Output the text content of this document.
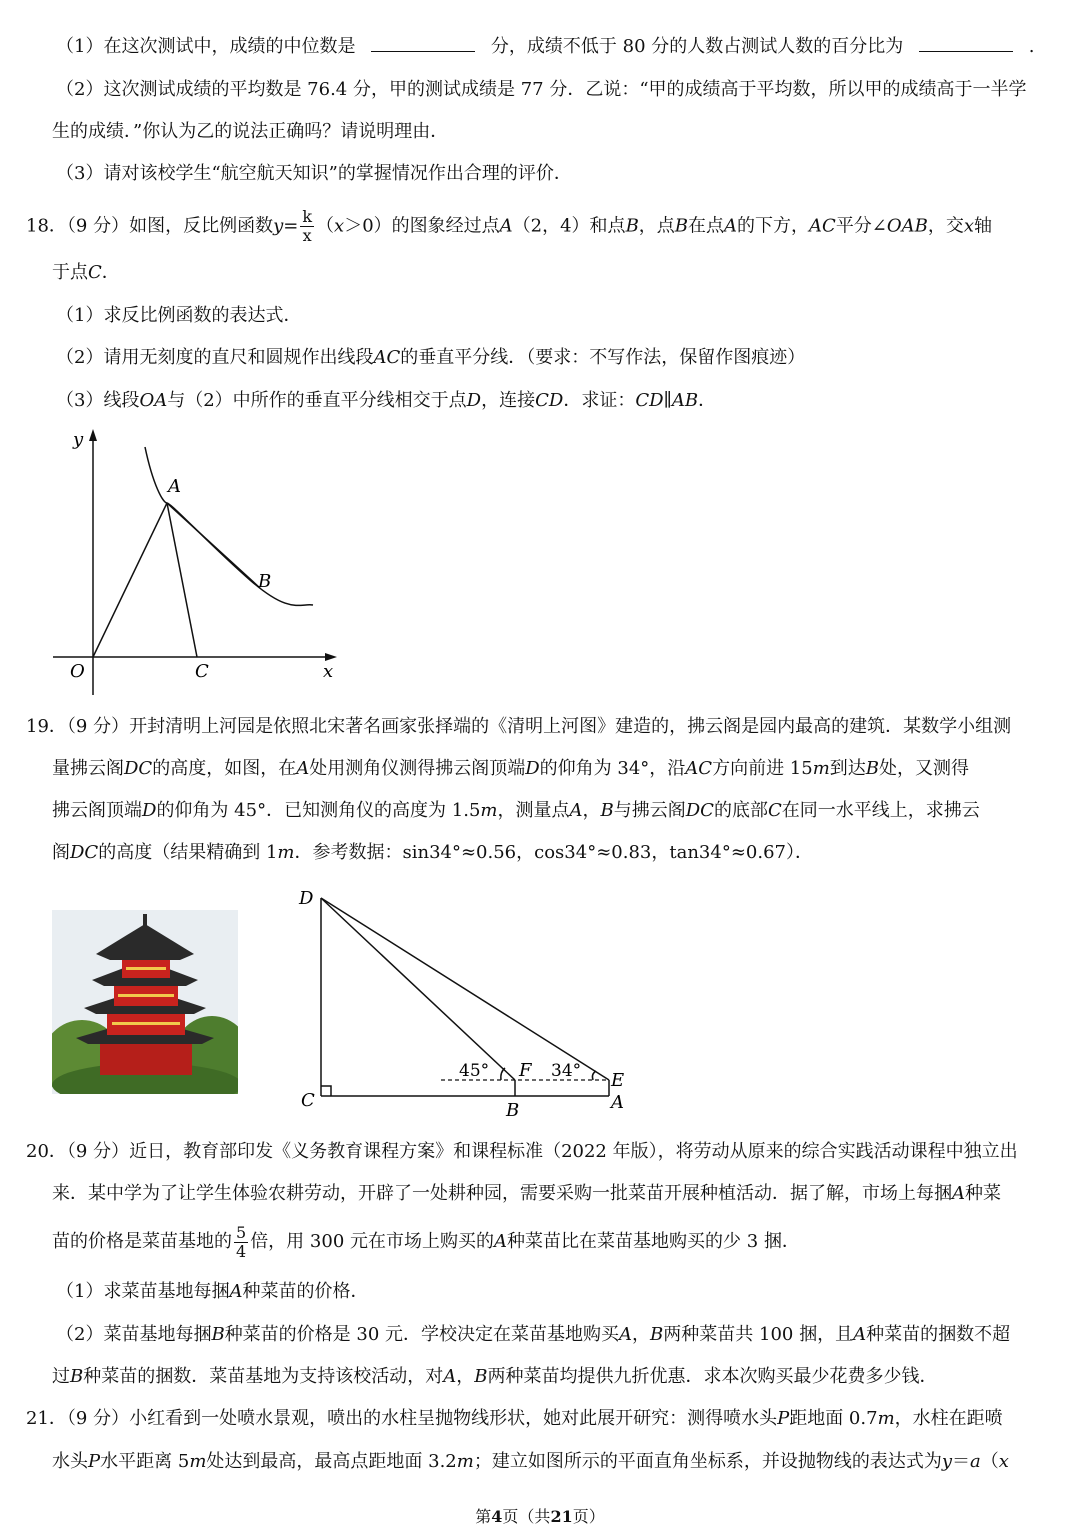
（1）在这次测试中，成绩的中位数是	分，成绩不低于 80 分的人数占测试人数的百分比为	.
（2）这次测试成绩的平均数是 76.4 分，甲的测试成绩是 77 分．乙说：“甲的成绩高于平均数，所以甲的成绩高于一半学
生的成绩．”你认为乙的说法正确吗？请说明理由．
（3）请对该校学生“航空航天知识”的掌握情况作出合理的评价．
18．（9 分）如图，反比例函数$y= \frac{k}{x} (x>0)$的图象经过点A（2，4）和点B，点B在点A的下方，AC平分∠OAB，交x轴
于点C．
（1）求反比例函数的表达式．
（2）请用无刻度的直尺和圆规作出线段AC的垂直平分线．（要求：不写作法，保留作图痕迹）
（3）线段OA与（2）中所作的垂直平分线相交于点D，连接CD．求证：CD∥AB．
y
A
B
O	C	x
19．（9 分）开封清明上河园是依照北宋著名画家张择端的《清明上河图》建造的，拂云阁是园内最高的建筑．某数学小组测
量拂云阁DC的高度，如图，在A处用测角仪测得拂云阁顶端D的仰角为 34°，沿AC方向前进 15m到达B处，又测得
拂云阁顶端D的仰角为 45°．已知测角仪的高度为 1.5m，测量点A，B与拂云阁DC的底部C在同一水平线上，求拂云
阁DC的高度（结果精确到 1m．参考数据：sin34°≈0.56，cos34°≈0.83，tan34°≈0.67）．
D
C	B	A
E
F
45°	34°
20．（9 分）近日，教育部印发《义务教育课程方案》和课程标准（2022 年版），将劳动从原来的综合实践活动课程中独立出
来．某中学为了让学生体验农耕劳动，开辟了一处耕种园，需要采购一批菜苗开展种植活动．据了解，市场上每捆A种菜
苗的价格是菜苗基地的 $\frac{5}{4}$ 倍，用 300 元在市场上购买的A种菜苗比在菜苗基地购买的少 3 捆．
（1）求菜苗基地每捆A种菜苗的价格．
（2）菜苗基地每捆B种菜苗的价格是 30 元．学校决定在菜苗基地购买A，B两种菜苗共 100 捆，且A种菜苗的捆数不超
过B种菜苗的捆数．菜苗基地为支持该校活动，对A，B两种菜苗均提供九折优惠．求本次购买最少花费多少钱．
21．（9 分）小红看到一处喷水景观，喷出的水柱呈抛物线形状，她对此展开研究：测得喷水头P距地面 0.7m，水柱在距喷
水头P水平距离 5m处达到最高，最高点距地面 3.2m；建立如图所示的平面直角坐标系，并设抛物线的表达式为y＝a（x
第4页（共21页）
